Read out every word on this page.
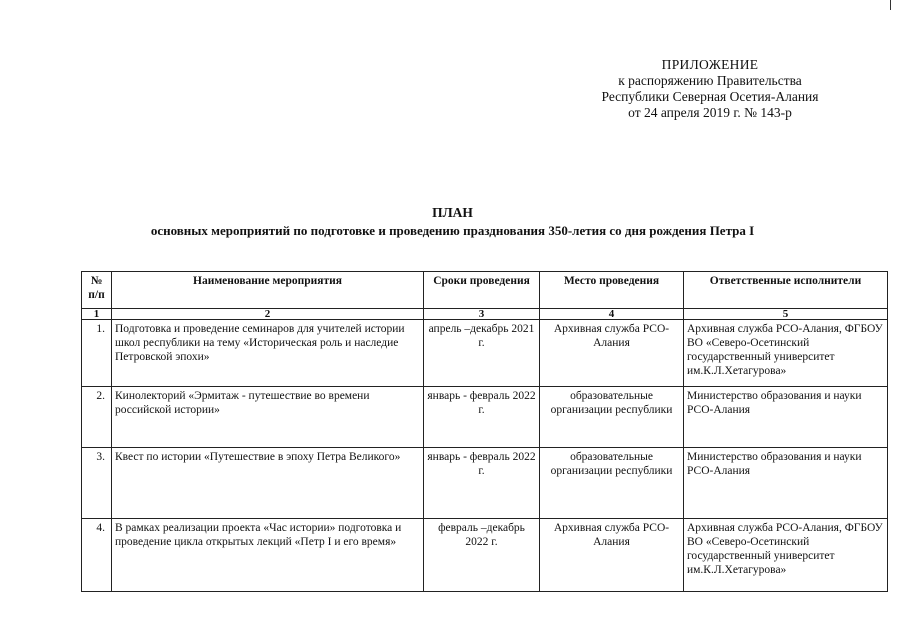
ПРИЛОЖЕНИЕ
к распоряжению Правительства
Республики Северная Осетия-Алания
от 24 апреля 2019 г. № 143-р
ПЛАН
основных мероприятий по подготовке и проведению празднования 350-летия со дня рождения Петра I
№ п/п	Наименование мероприятия	Сроки проведения	Место проведения	Ответственные исполнители
1	2	3	4	5
1.	Подготовка и проведение семинаров для учителей истории школ республики на тему «Историческая роль и наследие Петровской эпохи»	апрель –декабрь 2021 г.	Архивная служба РСО-Алания	Архивная служба РСО-Алания, ФГБОУ ВО «Северо-Осетинский государственный университет им.К.Л.Хетагурова»
2.	Кинолекторий «Эрмитаж - путешествие во времени российской истории»	январь - февраль 2022 г.	образовательные организации республики	Министерство образования и науки РСО-Алания
3.	Квест по истории «Путешествие в эпоху Петра Великого»	январь - февраль 2022 г.	образовательные организации республики	Министерство образования и науки РСО-Алания
4.	В рамках реализации проекта «Час истории» подготовка и проведение цикла открытых лекций «Петр I и его время»	февраль –декабрь 2022 г.	Архивная служба РСО-Алания	Архивная служба РСО-Алания, ФГБОУ ВО «Северо-Осетинский государственный университет им.К.Л.Хетагурова»
